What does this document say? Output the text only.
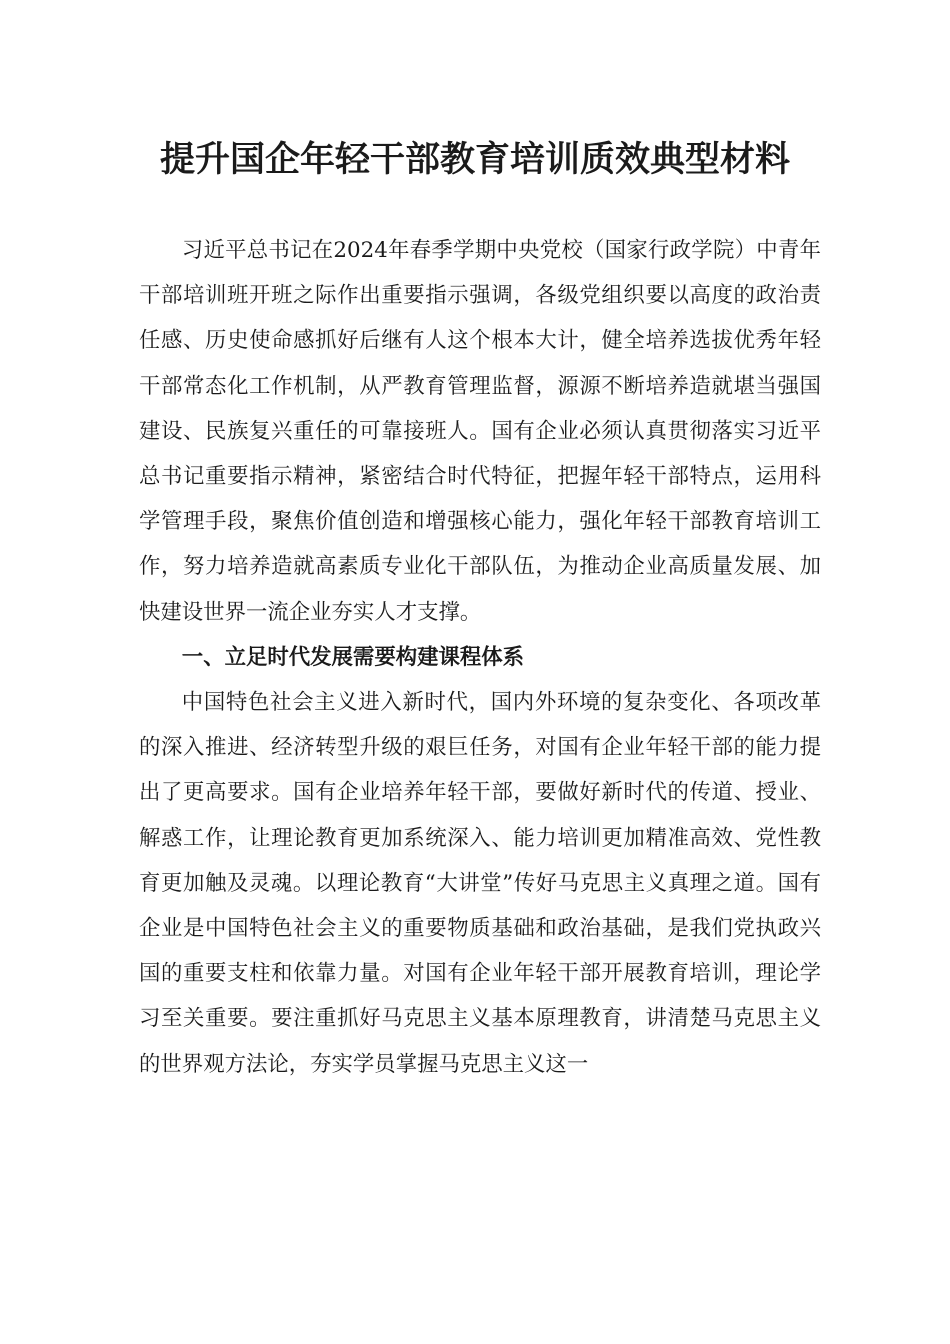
提升国企年轻干部教育培训质效典型材料

习近平总书记在2024年春季学期中央党校（国家行政学院）中青年干部培训班开班之际作出重要指示强调，各级党组织要以高度的政治责任感、历史使命感抓好后继有人这个根本大计，健全培养选拔优秀年轻干部常态化工作机制，从严教育管理监督，源源不断培养造就堪当强国建设、民族复兴重任的可靠接班人。国有企业必须认真贯彻落实习近平总书记重要指示精神，紧密结合时代特征，把握年轻干部特点，运用科学管理手段，聚焦价值创造和增强核心能力，强化年轻干部教育培训工作，努力培养造就高素质专业化干部队伍，为推动企业高质量发展、加快建设世界一流企业夯实人才支撑。

一、立足时代发展需要构建课程体系

中国特色社会主义进入新时代，国内外环境的复杂变化、各项改革的深入推进、经济转型升级的艰巨任务，对国有企业年轻干部的能力提出了更高要求。国有企业培养年轻干部，要做好新时代的传道、授业、解惑工作，让理论教育更加系统深入、能力培训更加精准高效、党性教育更加触及灵魂。以理论教育“大讲堂”传好马克思主义真理之道。国有企业是中国特色社会主义的重要物质基础和政治基础，是我们党执政兴国的重要支柱和依靠力量。对国有企业年轻干部开展教育培训，理论学习至关重要。要注重抓好马克思主义基本原理教育，讲清楚马克思主义的世界观方法论，夯实学员掌握马克思主义这一
